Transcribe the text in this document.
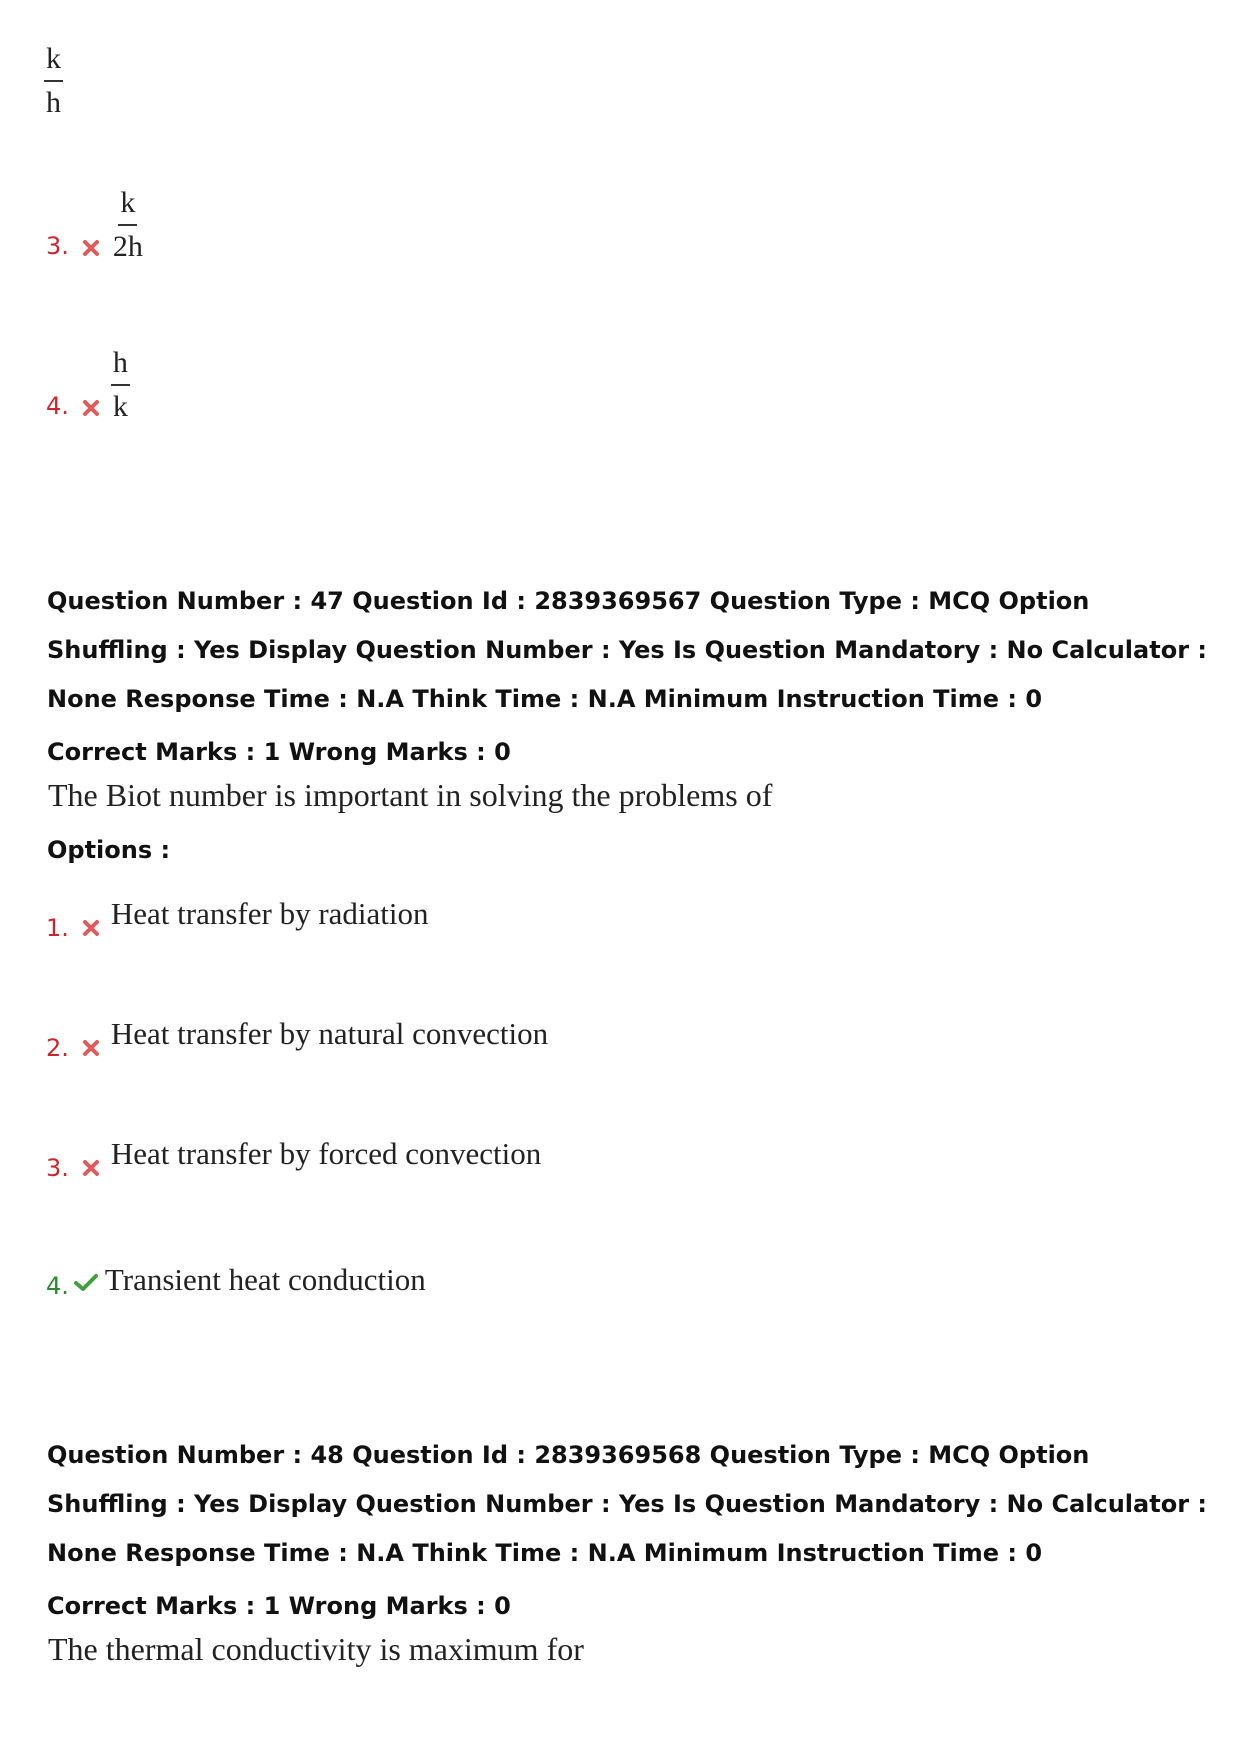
$\frac{k}{h}$
3. $\frac{k}{2h}$
4. $\frac{h}{k}$
Question Number : 47 Question Id : 2839369567 Question Type : MCQ Option Shuffling : Yes Display Question Number : Yes Is Question Mandatory : No Calculator : None Response Time : N.A Think Time : N.A Minimum Instruction Time : 0
Correct Marks : 1 Wrong Marks : 0
The Biot number is important in solving the problems of
Options :
1. Heat transfer by radiation
2. Heat transfer by natural convection
3. Heat transfer by forced convection
4. Transient heat conduction
Question Number : 48 Question Id : 2839369568 Question Type : MCQ Option Shuffling : Yes Display Question Number : Yes Is Question Mandatory : No Calculator : None Response Time : N.A Think Time : N.A Minimum Instruction Time : 0
Correct Marks : 1 Wrong Marks : 0
The thermal conductivity is maximum for
